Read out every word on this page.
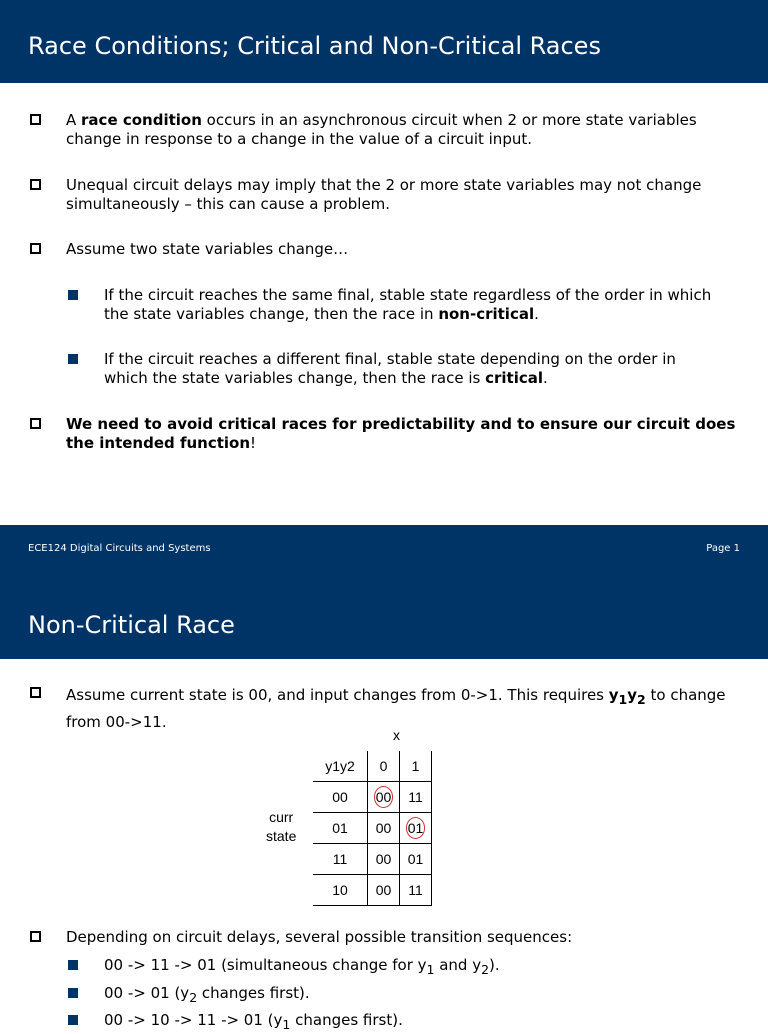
Race Conditions; Critical and Non-Critical Races
A race condition occurs in an asynchronous circuit when 2 or more state variables change in response to a change in the value of a circuit input.
Unequal circuit delays may imply that the 2 or more state variables may not change simultaneously – this can cause a problem.
Assume two state variables change…
If the circuit reaches the same final, stable state regardless of the order in which the state variables change, then the race in non-critical.
If the circuit reaches a different final, stable state depending on the order in which the state variables change, then the race is critical.
We need to avoid critical races for predictability and to ensure our circuit does the intended function!
ECE124 Digital Circuits and Systems	Page 1
Non-Critical Race
Assume current state is 00, and input changes from 0->1. This requires $y_1y_2$ to change from 00->11.
x
curr
state
y1y2	0	1
00	00	11
01	00	01
11	00	01
10	00	11
Depending on circuit delays, several possible transition sequences:
00 -> 11 -> 01 (simultaneous change for $y_1$ and $y_2$).
00 -> 01 ($y_2$ changes first).
00 -> 10 -> 11 -> 01 ($y_1$ changes first).
